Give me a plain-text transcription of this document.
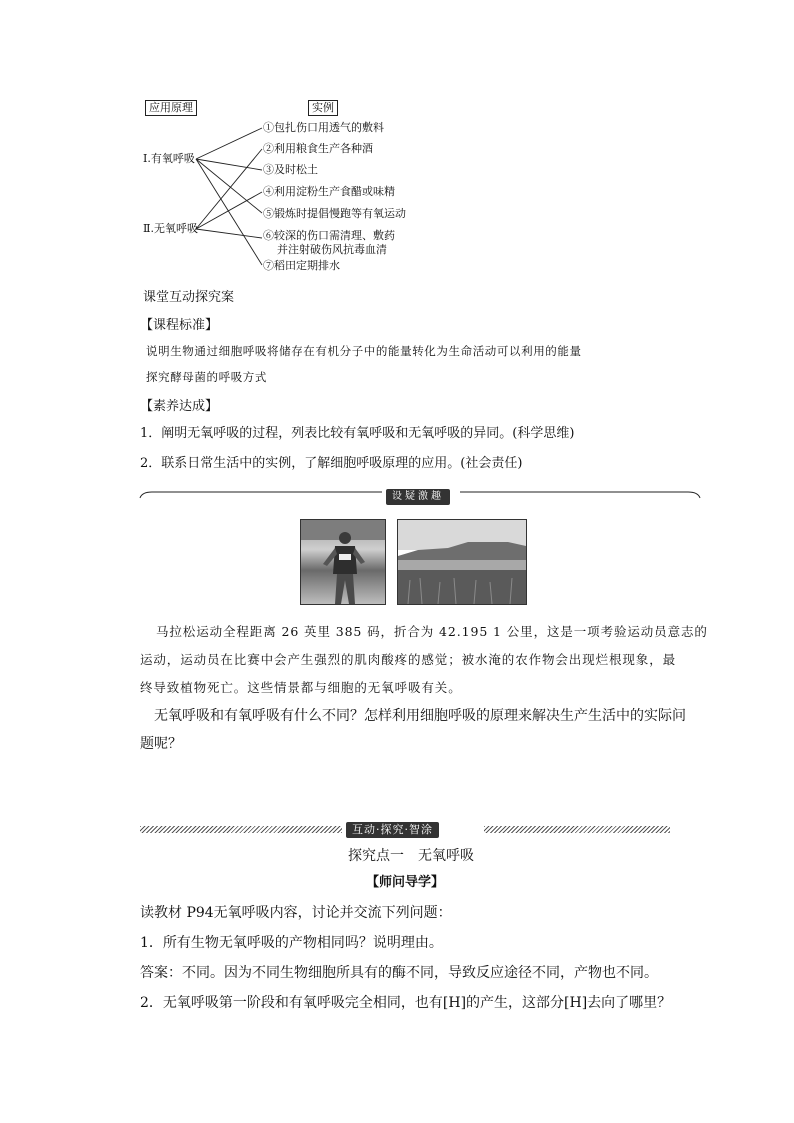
应用原理	实例
Ⅰ.有氧呼吸
Ⅱ.无氧呼吸
①包扎伤口用透气的敷料
②利用粮食生产各种酒
③及时松土
④利用淀粉生产食醋或味精
⑤锻炼时提倡慢跑等有氧运动
⑥较深的伤口需清理、敷药
并注射破伤风抗毒血清
⑦稻田定期排水
课堂互动探究案
【课程标准】
说明生物通过细胞呼吸将储存在有机分子中的能量转化为生命活动可以利用的能量
探究酵母菌的呼吸方式
【素养达成】
1．阐明无氧呼吸的过程，列表比较有氧呼吸和无氧呼吸的异同。(科学思维)
2．联系日常生活中的实例，了解细胞呼吸原理的应用。(社会责任)
设疑激趣
马拉松运动全程距离 26 英里 385 码，折合为 42.195 1 公里，这是一项考验运动员意志的
运动，运动员在比赛中会产生强烈的肌肉酸疼的感觉；被水淹的农作物会出现烂根现象，最
终导致植物死亡。这些情景都与细胞的无氧呼吸有关。
无氧呼吸和有氧呼吸有什么不同？怎样利用细胞呼吸的原理来解决生产生活中的实际问
题呢？
互动·探究·智涂
探究点一　无氧呼吸
【师问导学】
读教材 P94无氧呼吸内容，讨论并交流下列问题：
1．所有生物无氧呼吸的产物相同吗？说明理由。
答案：不同。因为不同生物细胞所具有的酶不同，导致反应途径不同，产物也不同。
2．无氧呼吸第一阶段和有氧呼吸完全相同，也有[H]的产生，这部分[H]去向了哪里？
